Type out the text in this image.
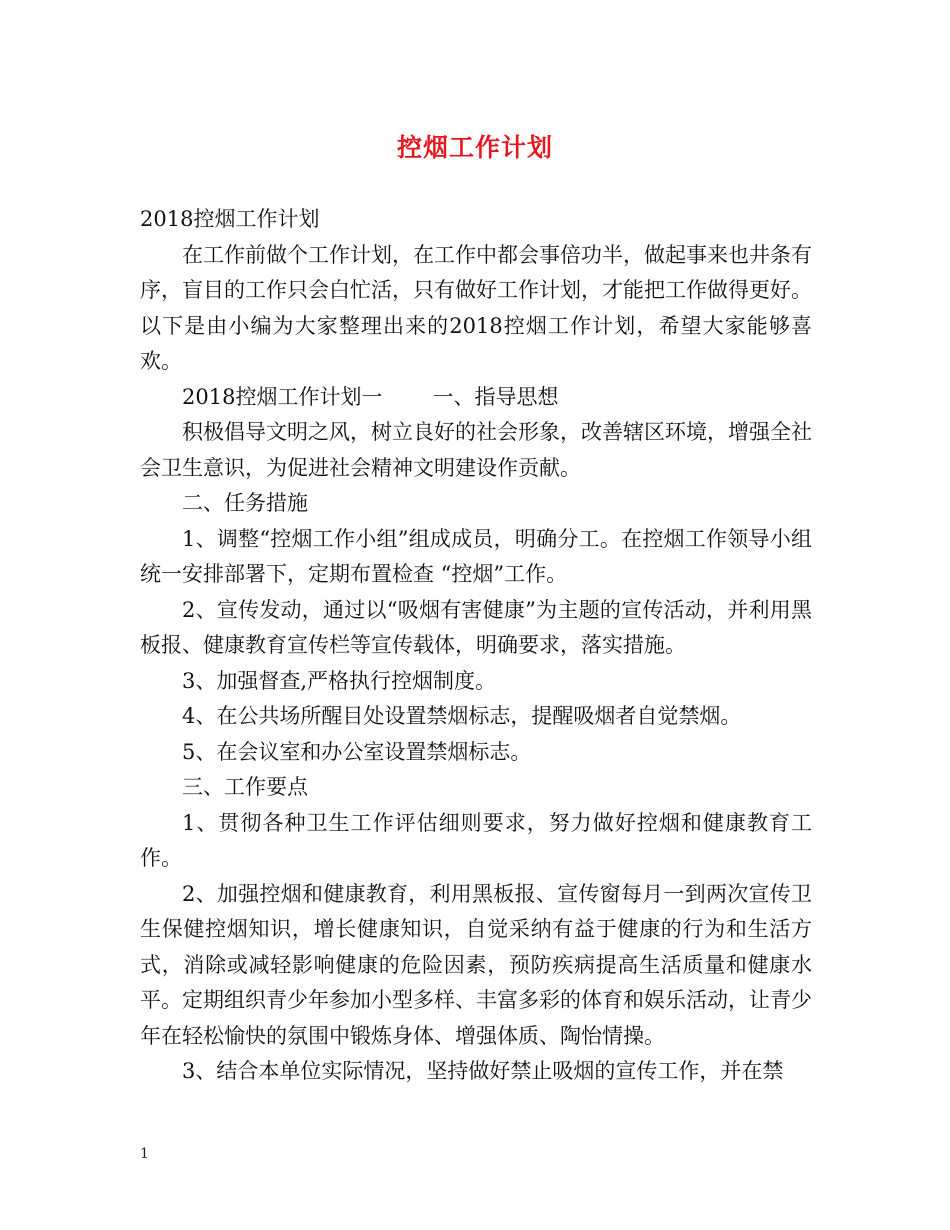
控烟工作计划

2018控烟工作计划

在工作前做个工作计划，在工作中都会事倍功半，做起事来也井条有序，盲目的工作只会白忙活，只有做好工作计划，才能把工作做得更好。以下是由小编为大家整理出来的2018控烟工作计划，希望大家能够喜欢。

2018控烟工作计划一 一、指导思想

积极倡导文明之风，树立良好的社会形象，改善辖区环境，增强全社会卫生意识，为促进社会精神文明建设作贡献。

二、任务措施

1、调整“控烟工作小组”组成成员，明确分工。在控烟工作领导小组统一安排部署下，定期布置检查 “控烟”工作。

2、宣传发动，通过以“吸烟有害健康”为主题的宣传活动，并利用黑板报、健康教育宣传栏等宣传载体，明确要求，落实措施。

3、加强督查,严格执行控烟制度。

4、在公共场所醒目处设置禁烟标志，提醒吸烟者自觉禁烟。

5、在会议室和办公室设置禁烟标志。

三、工作要点

1、贯彻各种卫生工作评估细则要求，努力做好控烟和健康教育工作。

2、加强控烟和健康教育，利用黑板报、宣传窗每月一到两次宣传卫生保健控烟知识，增长健康知识，自觉采纳有益于健康的行为和生活方式，消除或减轻影响健康的危险因素，预防疾病提高生活质量和健康水平。定期组织青少年参加小型多样、丰富多彩的体育和娱乐活动，让青少年在轻松愉快的氛围中锻炼身体、增强体质、陶怡情操。

3、结合本单位实际情况，坚持做好禁止吸烟的宣传工作，并在禁

1
